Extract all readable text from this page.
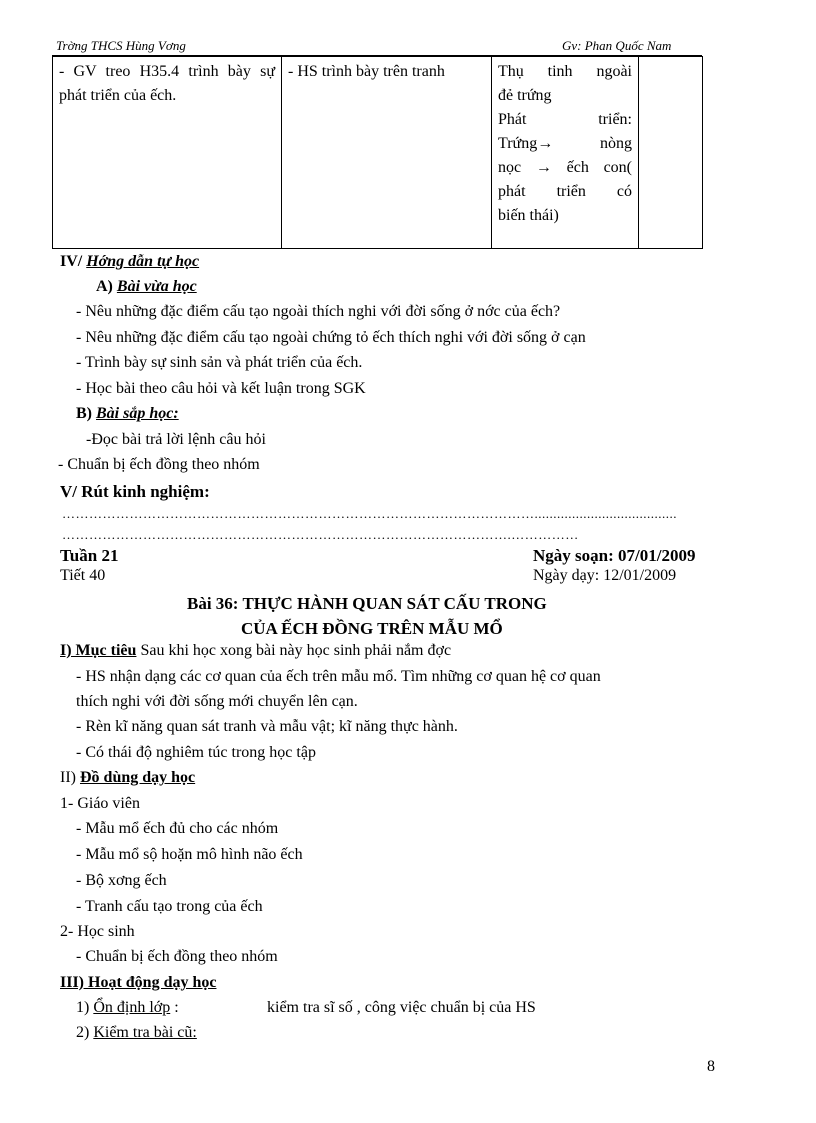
Trờng THCS Hùng Vơng	Gv: Phan Quốc Nam
- GV treo H35.4 trình bày sự phát triển của ếch.	- HS trình bày trên tranh	Thụ tinh ngoài
đẻ trứng
Phát triển:
Trứng→ nòng
nọc → ếch con(
phát triển có
biến thái)

IV/ Hớng dẫn tự học
A) Bài vừa học
- Nêu những đặc điểm cấu tạo ngoài thích nghi với đời sống ở nớc của ếch?
- Nêu những đặc điểm cấu tạo ngoài chứng tỏ ếch thích nghi với đời sống ở cạn
- Trình bày sự sinh sản và phát triển của ếch.
- Học bài theo câu hỏi và kết luận trong SGK
B) Bài sắp học:
-Đọc bài trả lời lệnh câu hỏi
- Chuẩn bị ếch đồng theo nhóm
V/ Rút kinh nghiệm:
……………………………………………………………………………………………......................................
……………………………………………………………………………………….……………
Tuần 21
Tiết 40
Ngày soạn: 07/01/2009
Ngày dạy: 12/01/2009
Bài 36: THỰC HÀNH QUAN SÁT CẤU TRONG
CỦA ẾCH ĐỒNG TRÊN MẪU MỔ
I) Mục tiêu Sau khi học xong bài này học sinh phải nắm đợc
- HS nhận dạng các cơ quan của ếch trên mẫu mổ. Tìm những cơ quan hệ cơ quan
thích nghi với đời sống mới chuyển lên cạn.
- Rèn kĩ năng quan sát tranh và mẫu vật; kĩ năng thực hành.
- Có thái độ nghiêm túc trong học tập
II) Đồ dùng dạy học
1- Giáo viên
- Mẫu mổ ếch đủ cho các nhóm
- Mẫu mổ sộ hoặn mô hình não ếch
- Bộ xơng ếch
- Tranh cấu tạo trong của ếch
2- Học sinh
- Chuẩn bị ếch đồng theo nhóm
III) Hoạt động dạy học
1) Ổn định lớp :	kiểm tra sĩ số , công việc chuẩn bị của HS
2) Kiểm tra bài cũ:
8
